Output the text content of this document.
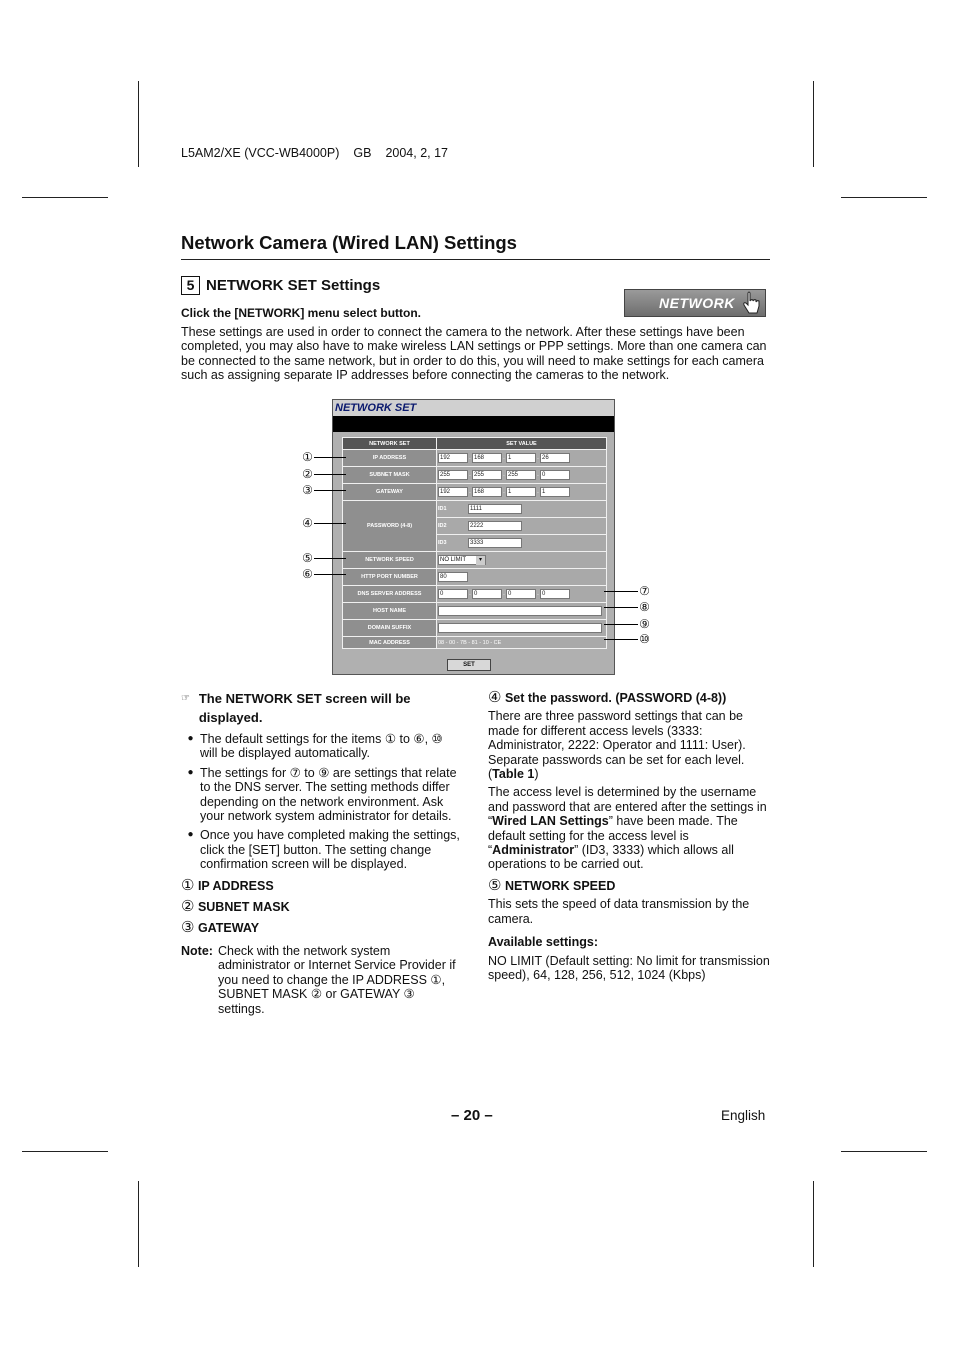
L5AM2/XE (VCC-WB4000P) GB 2004, 2, 17
Network Camera (Wired LAN) Settings
5 NETWORK SET Settings
NETWORK
Click the [NETWORK] menu select button.
These settings are used in order to connect the camera to the network. After these settings have been completed, you may also have to make wireless LAN settings or PPP settings. More than one camera can be connected to the same network, but in order to do this, you will need to make settings for each camera such as assigning separate IP addresses before connecting the cameras to the network.
NETWORK SET
NETWORK SET	SET VALUE
IP ADDRESS	192 . 168 . 1 . 26
SUBNET MASK	255 . 255 . 255 . 0
GATEWAY	192 . 168 . 1 . 1
PASSWORD (4-8)	ID1 1111
	ID2 2222
	ID3 3333
NETWORK SPEED	NO LIMIT ▾

HTTP PORT NUMBER	80
DNS SERVER ADDRESS	0 . 0 . 0 . 0
HOST NAME	
DOMAIN SUFFIX	
MAC ADDRESS	08 - 00 - 7B - 81 - 10 - CE
SET
①
②
③
④
⑤
⑥
⑦
⑧
⑨
⑩
☞ The NETWORK SET screen will be displayed.
● The default settings for the items ① to ⑥, ⑩ will be displayed automatically.
● The settings for ⑦ to ⑨ are settings that relate to the DNS server. The setting methods differ depending on the network environment. Ask your network system administrator for details.
● Once you have completed making the settings, click the [SET] button. The setting change confirmation screen will be displayed.
① IP ADDRESS
② SUBNET MASK
③ GATEWAY
Note: Check with the network system administrator or Internet Service Provider if you need to change the IP ADDRESS ①, SUBNET MASK ② or GATEWAY ③ settings.
④ Set the password. (PASSWORD (4-8))

There are three password settings that can be made for different access levels (3333: Administrator, 2222: Operator and 1111: User). Separate passwords can be set for each level. (Table 1)

The access level is determined by the username and password that are entered after the settings in “Wired LAN Settings” have been made. The default setting for the access level is “Administrator” (ID3, 3333) which allows all operations to be carried out.

⑤ NETWORK SPEED

This sets the speed of data transmission by the camera.

Available settings:

NO LIMIT (Default setting: No limit for transmission speed), 64, 128, 256, 512, 1024 (Kbps)

– 20 –	English
